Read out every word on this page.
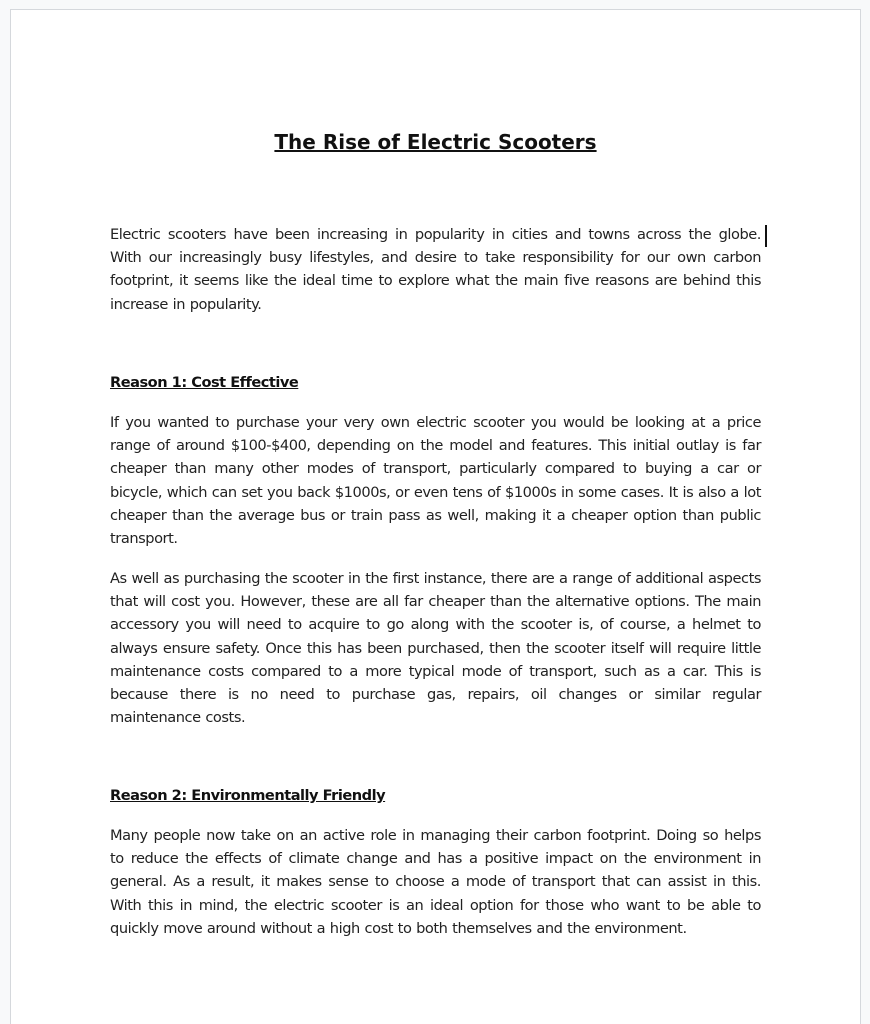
The Rise of Electric Scooters

Electric scooters have been increasing in popularity in cities and towns across the globe. With our increasingly busy lifestyles, and desire to take responsibility for our own carbon footprint, it seems like the ideal time to explore what the main five reasons are behind this increase in popularity.

Reason 1: Cost Effective

If you wanted to purchase your very own electric scooter you would be looking at a price range of around $100-$400, depending on the model and features. This initial outlay is far cheaper than many other modes of transport, particularly compared to buying a car or bicycle, which can set you back $1000s, or even tens of $1000s in some cases. It is also a lot cheaper than the average bus or train pass as well, making it a cheaper option than public transport.

As well as purchasing the scooter in the first instance, there are a range of additional aspects that will cost you. However, these are all far cheaper than the alternative options. The main accessory you will need to acquire to go along with the scooter is, of course, a helmet to always ensure safety. Once this has been purchased, then the scooter itself will require little maintenance costs compared to a more typical mode of transport, such as a car. This is because there is no need to purchase gas, repairs, oil changes or similar regular maintenance costs.

Reason 2: Environmentally Friendly

Many people now take on an active role in managing their carbon footprint. Doing so helps to reduce the effects of climate change and has a positive impact on the environment in general. As a result, it makes sense to choose a mode of transport that can assist in this. With this in mind, the electric scooter is an ideal option for those who want to be able to quickly move around without a high cost to both themselves and the environment.
